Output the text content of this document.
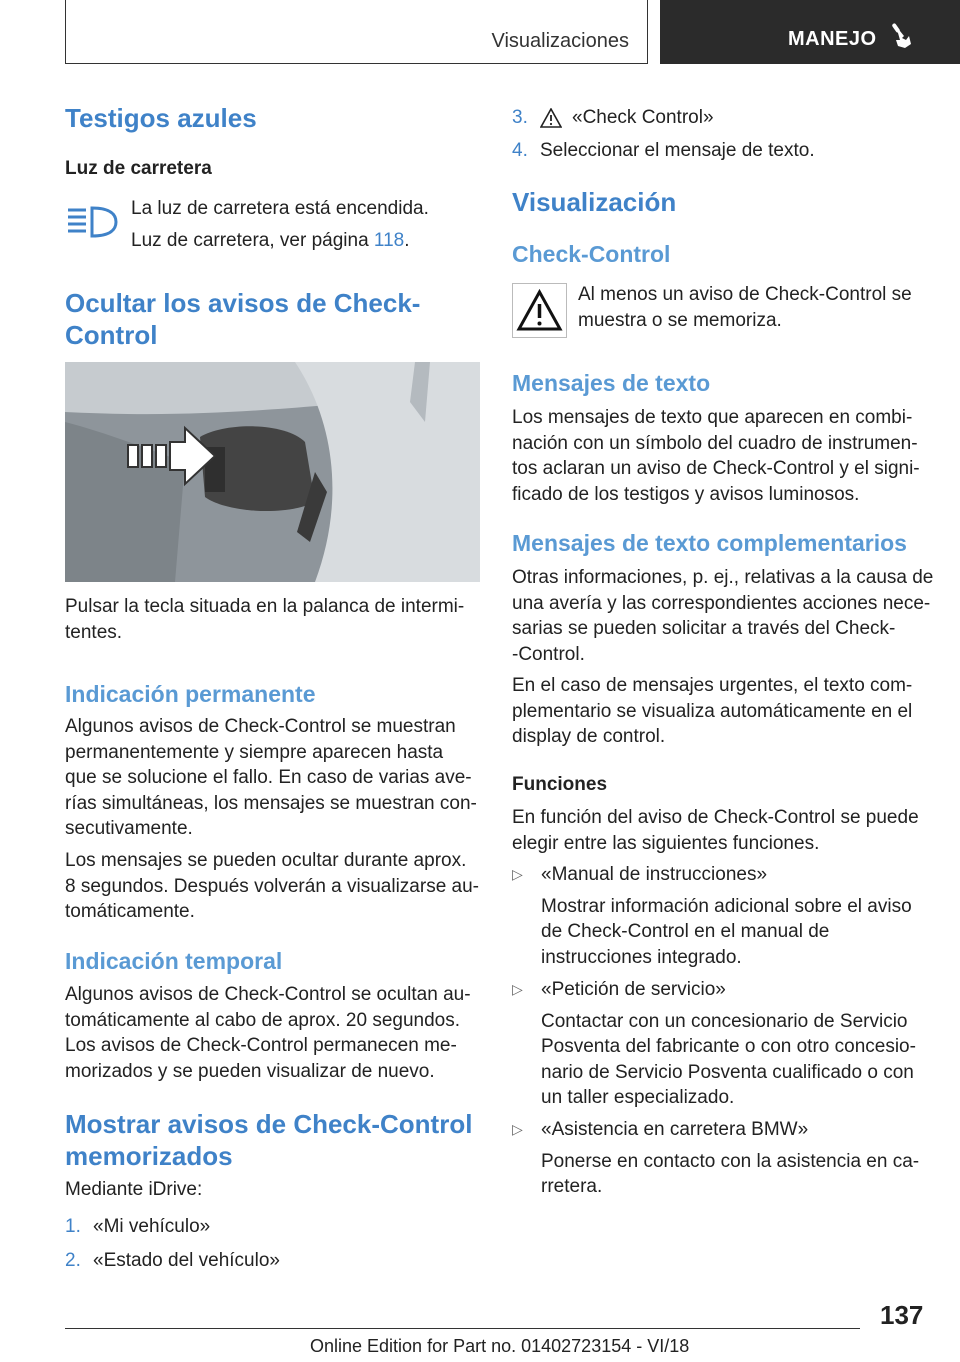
Visualizaciones	MANEJO
Testigos azules
Luz de carretera
La luz de carretera está encendida.
Luz de carretera, ver página 118.
Ocultar los avisos de Check-
Control
Pulsar la tecla situada en la palanca de intermi-
tentes.
Indicación permanente
Algunos avisos de Check-Control se muestran
permanentemente y siempre aparecen hasta
que se solucione el fallo. En caso de varias ave-
rías simultáneas, los mensajes se muestran con-
secutivamente.
Los mensajes se pueden ocultar durante aprox.
8 segundos. Después volverán a visualizarse au-
tomáticamente.
Indicación temporal
Algunos avisos de Check-Control se ocultan au-
tomáticamente al cabo de aprox. 20 segundos.
Los avisos de Check-Control permanecen me-
morizados y se pueden visualizar de nuevo.
Mostrar avisos de Check-Control
memorizados
Mediante iDrive:
1. «Mi vehículo»
2. «Estado del vehículo»
3. «Check Control»
4. Seleccionar el mensaje de texto.
Visualización
Check-Control
Al menos un aviso de Check-Control se
muestra o se memoriza.
Mensajes de texto
Los mensajes de texto que aparecen en combi-
nación con un símbolo del cuadro de instrumen-
tos aclaran un aviso de Check-Control y el signi-
ficado de los testigos y avisos luminosos.
Mensajes de texto complementarios
Otras informaciones, p. ej., relativas a la causa de
una avería y las correspondientes acciones nece-
sarias se pueden solicitar a través del Check-
-Control.
En el caso de mensajes urgentes, el texto com-
plementario se visualiza automáticamente en el
display de control.
Funciones
En función del aviso de Check-Control se puede
elegir entre las siguientes funciones.
▷ «Manual de instrucciones»
Mostrar información adicional sobre el aviso
de Check-Control en el manual de
instrucciones integrado.
▷ «Petición de servicio»
Contactar con un concesionario de Servicio
Posventa del fabricante o con otro concesio-
nario de Servicio Posventa cualificado o con
un taller especializado.
▷ «Asistencia en carretera BMW»
Ponerse en contacto con la asistencia en ca-
rretera.
137
Online Edition for Part no. 01402723154 - VI/18
